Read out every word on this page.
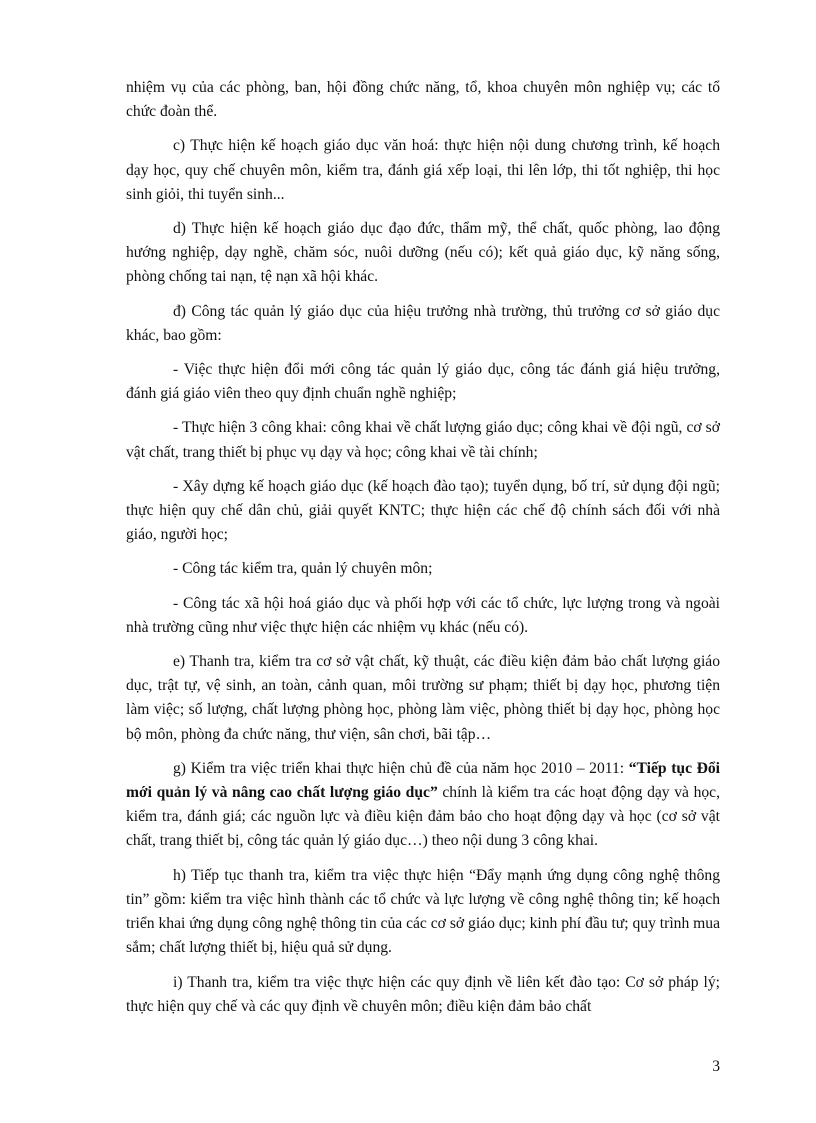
nhiệm vụ của các phòng, ban, hội đồng chức năng, tổ, khoa chuyên môn nghiệp vụ; các tổ chức đoàn thể.

c) Thực hiện kế hoạch giáo dục văn hoá: thực hiện nội dung chương trình, kế hoạch dạy học, quy chế chuyên môn, kiểm tra, đánh giá xếp loại, thi lên lớp, thi tốt nghiệp, thi học sinh giỏi, thi tuyển sinh...

d) Thực hiện kế hoạch giáo dục đạo đức, thẩm mỹ, thể chất, quốc phòng, lao động hướng nghiệp, dạy nghề, chăm sóc, nuôi dưỡng (nếu có); kết quả giáo dục, kỹ năng sống, phòng chống tai nạn, tệ nạn xã hội khác.

đ) Công tác quản lý giáo dục của hiệu trưởng nhà trường, thủ trưởng cơ sở giáo dục khác, bao gồm:

- Việc thực hiện đổi mới công tác quản lý giáo dục, công tác đánh giá hiệu trưởng, đánh giá giáo viên theo quy định chuẩn nghề nghiệp;

- Thực hiện 3 công khai: công khai về chất lượng giáo dục; công khai về đội ngũ, cơ sở vật chất, trang thiết bị phục vụ dạy và học; công khai về tài chính;

- Xây dựng kế hoạch giáo dục (kế hoạch đào tạo); tuyển dụng, bố trí, sử dụng đội ngũ; thực hiện quy chế dân chủ, giải quyết KNTC; thực hiện các chế độ chính sách đối với nhà giáo, người học;

- Công tác kiểm tra, quản lý chuyên môn;

- Công tác xã hội hoá giáo dục và phối hợp với các tổ chức, lực lượng trong và ngoài nhà trường cũng như việc thực hiện các nhiệm vụ khác (nếu có).

e) Thanh tra, kiểm tra cơ sở vật chất, kỹ thuật, các điều kiện đảm bảo chất lượng giáo dục, trật tự, vệ sinh, an toàn, cảnh quan, môi trường sư phạm; thiết bị dạy học, phương tiện làm việc; số lượng, chất lượng phòng học, phòng làm việc, phòng thiết bị dạy học, phòng học bộ môn, phòng đa chức năng, thư viện, sân chơi, bãi tập…

g) Kiểm tra việc triển khai thực hiện chủ đề của năm học 2010 – 2011: “Tiếp tục Đổi mới quản lý và nâng cao chất lượng giáo dục” chính là kiểm tra các hoạt động dạy và học, kiểm tra, đánh giá; các nguồn lực và điều kiện đảm bảo cho hoạt động dạy và học (cơ sở vật chất, trang thiết bị, công tác quản lý giáo dục…) theo nội dung 3 công khai.

h) Tiếp tục thanh tra, kiểm tra việc thực hiện “Đẩy mạnh ứng dụng công nghệ thông tin” gồm: kiểm tra việc hình thành các tổ chức và lực lượng về công nghệ thông tin; kế hoạch triển khai ứng dụng công nghệ thông tin của các cơ sở giáo dục; kinh phí đầu tư; quy trình mua sắm; chất lượng thiết bị, hiệu quả sử dụng.

i) Thanh tra, kiểm tra việc thực hiện các quy định về liên kết đào tạo: Cơ sở pháp lý; thực hiện quy chế và các quy định về chuyên môn; điều kiện đảm bảo chất

3
